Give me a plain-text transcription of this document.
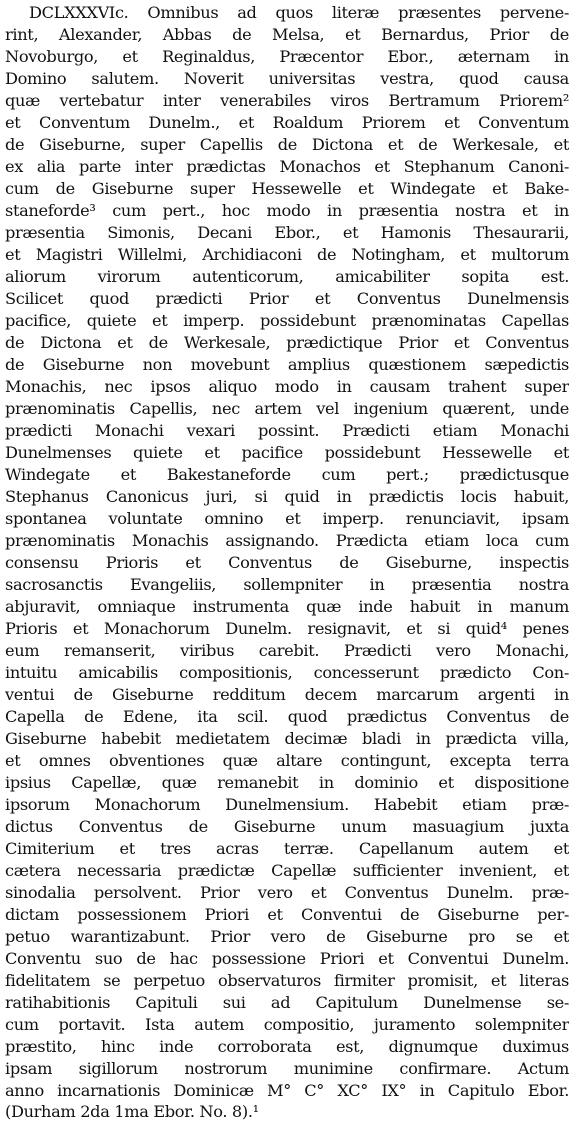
DCLXXXVIc. Omnibus ad quos literæ præsentes pervene-
rint, Alexander, Abbas de Melsa, et Bernardus, Prior de
Novoburgo, et Reginaldus, Præcentor Ebor., æternam in
Domino salutem. Noverit universitas vestra, quod causa
quæ vertebatur inter venerabiles viros Bertramum Priorem²
et Conventum Dunelm., et Roaldum Priorem et Conventum
de Giseburne, super Capellis de Dictona et de Werkesale, et
ex alia parte inter prædictas Monachos et Stephanum Canoni-
cum de Giseburne super Hessewelle et Windegate et Bake-
staneforde³ cum pert., hoc modo in præsentia nostra et in
præsentia Simonis, Decani Ebor., et Hamonis Thesaurarii,
et Magistri Willelmi, Archidiaconi de Notingham, et multorum
aliorum virorum autenticorum, amicabiliter sopita est.
Scilicet quod prædicti Prior et Conventus Dunelmensis
pacifice, quiete et imperp. possidebunt prænominatas Capellas
de Dictona et de Werkesale, prædictique Prior et Conventus
de Giseburne non movebunt amplius quæstionem sæpedictis
Monachis, nec ipsos aliquo modo in causam trahent super
prænominatis Capellis, nec artem vel ingenium quærent, unde
prædicti Monachi vexari possint. Prædicti etiam Monachi
Dunelmenses quiete et pacifice possidebunt Hessewelle et
Windegate et Bakestaneforde cum pert.; prædictusque
Stephanus Canonicus juri, si quid in prædictis locis habuit,
spontanea voluntate omnino et imperp. renunciavit, ipsam
prænominatis Monachis assignando. Prædicta etiam loca cum
consensu Prioris et Conventus de Giseburne, inspectis
sacrosanctis Evangeliis, sollempniter in præsentia nostra
abjuravit, omniaque instrumenta quæ inde habuit in manum
Prioris et Monachorum Dunelm. resignavit, et si quid⁴ penes
eum remanserit, viribus carebit. Prædicti vero Monachi,
intuitu amicabilis compositionis, concesserunt prædicto Con-
ventui de Giseburne redditum decem marcarum argenti in
Capella de Edene, ita scil. quod prædictus Conventus de
Giseburne habebit medietatem decimæ bladi in prædicta villa,
et omnes obventiones quæ altare contingunt, excepta terra
ipsius Capellæ, quæ remanebit in dominio et dispositione
ipsorum Monachorum Dunelmensium. Habebit etiam præ-
dictus Conventus de Giseburne unum masuagium juxta
Cimiterium et tres acras terræ. Capellanum autem et
cætera necessaria prædictæ Capellæ sufficienter invenient, et
sinodalia persolvent. Prior vero et Conventus Dunelm. præ-
dictam possessionem Priori et Conventui de Giseburne per-
petuo warantizabunt. Prior vero de Giseburne pro se et
Conventu suo de hac possessione Priori et Conventui Dunelm.
fidelitatem se perpetuo observaturos firmiter promisit, et literas
ratihabitionis Capituli sui ad Capitulum Dunelmense se-
cum portavit. Ista autem compositio, juramento solempniter
præstito, hinc inde corroborata est, dignumque duximus
ipsam sigillorum nostrorum munimine confirmare. Actum
anno incarnationis Dominicæ M° C° XC° IX° in Capitulo Ebor.
(Durham 2da 1ma Ebor. No. 8).¹
